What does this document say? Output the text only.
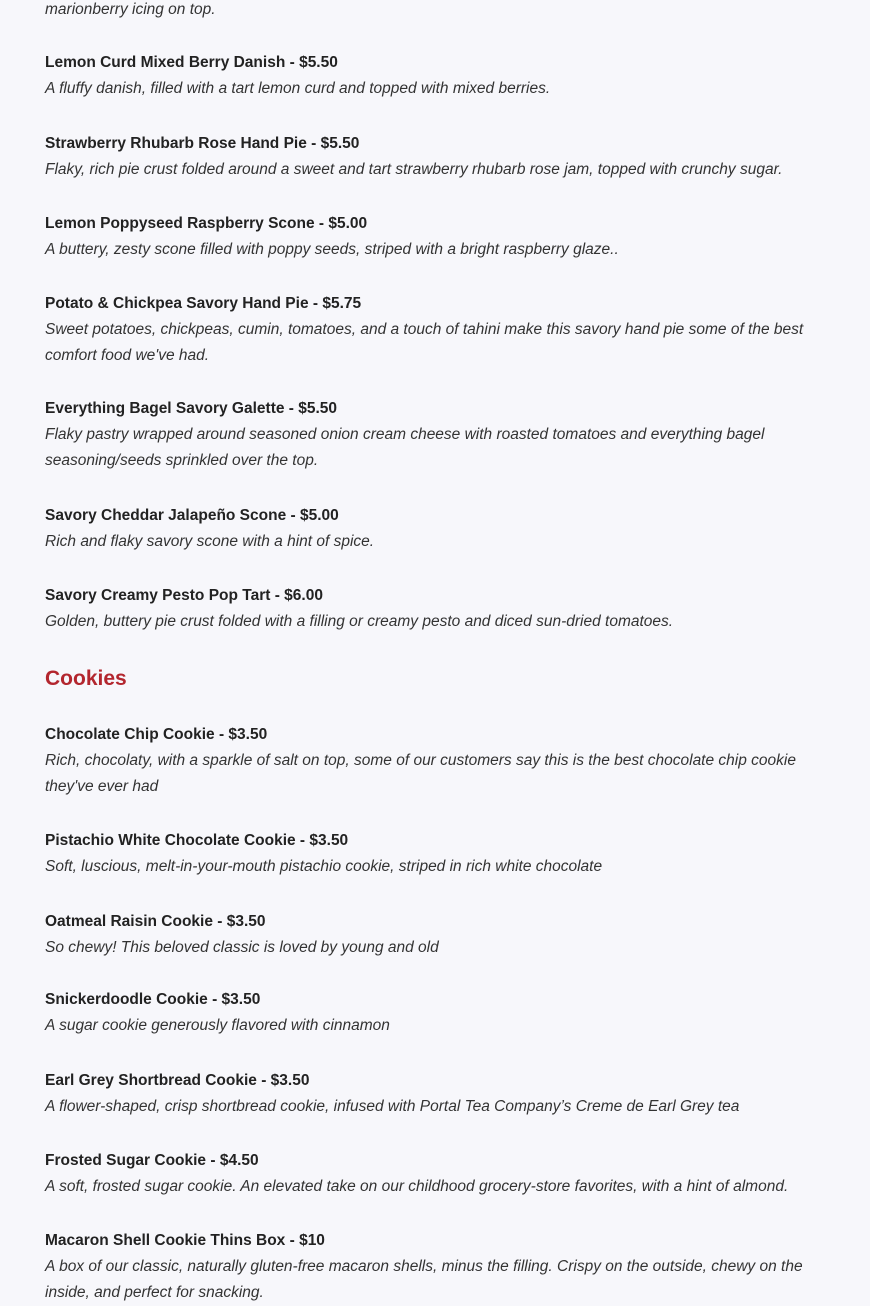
marionberry icing on top.
Lemon Curd Mixed Berry Danish - $5.50
A fluffy danish, filled with a tart lemon curd and topped with mixed berries.
Strawberry Rhubarb Rose Hand Pie - $5.50
Flaky, rich pie crust folded around a sweet and tart strawberry rhubarb rose jam, topped with crunchy sugar.
Lemon Poppyseed Raspberry Scone - $5.00
A buttery, zesty scone filled with poppy seeds, striped with a bright raspberry glaze..
Potato & Chickpea Savory Hand Pie - $5.75
Sweet potatoes, chickpeas, cumin, tomatoes, and a touch of tahini make this savory hand pie some of the best comfort food we've had.
Everything Bagel Savory Galette - $5.50
Flaky pastry wrapped around seasoned onion cream cheese with roasted tomatoes and everything bagel seasoning/seeds sprinkled over the top.
Savory Cheddar Jalapeño Scone - $5.00
Rich and flaky savory scone with a hint of spice.
Savory Creamy Pesto Pop Tart - $6.00
Golden, buttery pie crust folded with a filling or creamy pesto and diced sun-dried tomatoes.
Cookies
Chocolate Chip Cookie - $3.50
Rich, chocolaty, with a sparkle of salt on top, some of our customers say this is the best chocolate chip cookie they've ever had
Pistachio White Chocolate Cookie - $3.50
Soft, luscious, melt-in-your-mouth pistachio cookie, striped in rich white chocolate
Oatmeal Raisin Cookie - $3.50
So chewy! This beloved classic is loved by young and old
Snickerdoodle Cookie - $3.50
A sugar cookie generously flavored with cinnamon
Earl Grey Shortbread Cookie - $3.50
A flower-shaped, crisp shortbread cookie, infused with Portal Tea Company’s Creme de Earl Grey tea
Frosted Sugar Cookie - $4.50
A soft, frosted sugar cookie. An elevated take on our childhood grocery-store favorites, with a hint of almond.
Macaron Shell Cookie Thins Box - $10
A box of our classic, naturally gluten-free macaron shells, minus the filling. Crispy on the outside, chewy on the inside, and perfect for snacking.
